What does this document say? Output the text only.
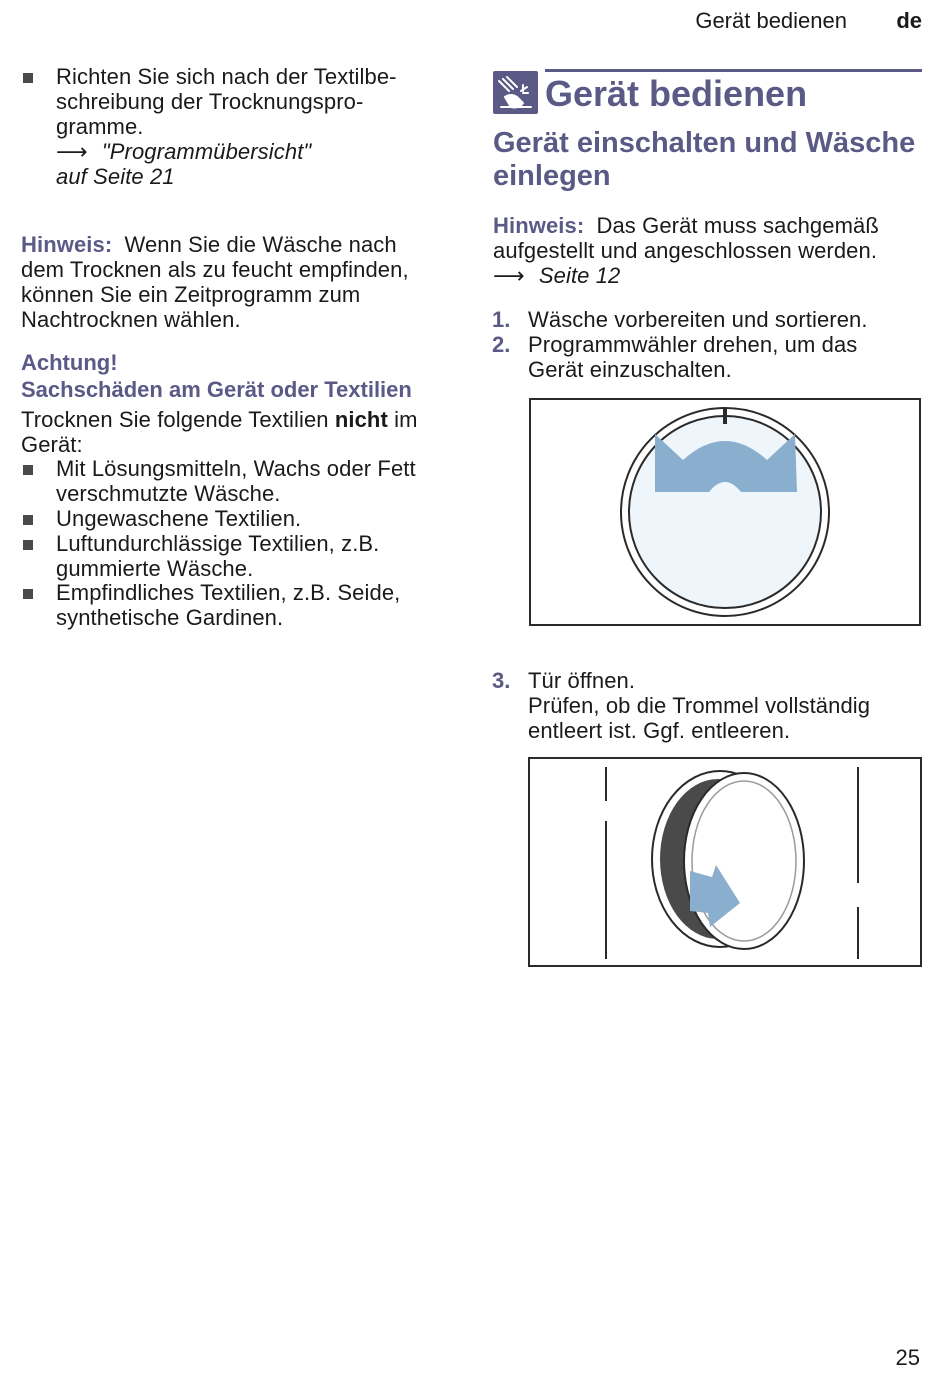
Gerät bedienen de
Richten Sie sich nach der Textilbe-
schreibung der Trocknungspro-
gramme.
⟶ "Programmübersicht"
auf Seite 21
Hinweis: Wenn Sie die Wäsche nach
dem Trocknen als zu feucht empfinden,
können Sie ein Zeitprogramm zum
Nachtrocknen wählen.
Achtung!
Sachschäden am Gerät oder Textilien
Trocknen Sie folgende Textilien nicht im
Gerät:
Mit Lösungsmitteln, Wachs oder Fett
verschmutzte Wäsche.
Ungewaschene Textilien.
Luftundurchlässige Textilien, z.B.
gummierte Wäsche.
Empfindliches Textilien, z.B. Seide,
synthetische Gardinen.
Gerät bedienen
Gerät einschalten und Wäsche
einlegen
Hinweis: Das Gerät muss sachgemäß
aufgestellt und angeschlossen werden.
⟶ Seite 12
1. Wäsche vorbereiten und sortieren.
2. Programmwähler drehen, um das
Gerät einzuschalten.
3. Tür öffnen.
Prüfen, ob die Trommel vollständig
entleert ist. Ggf. entleeren.
25
